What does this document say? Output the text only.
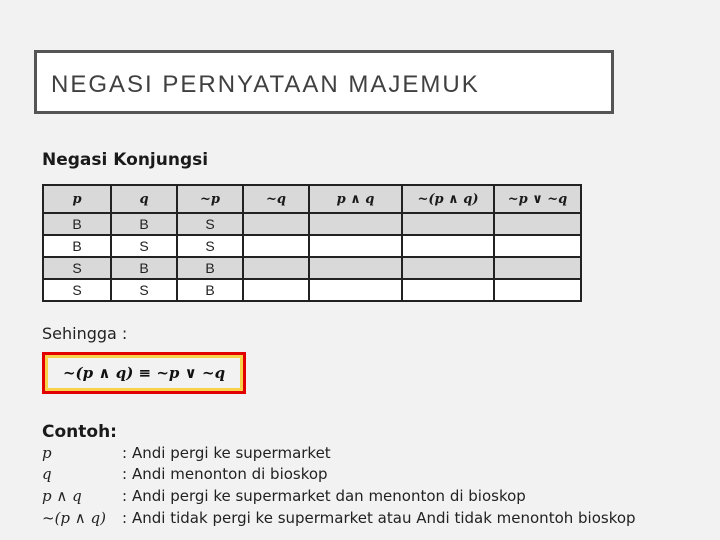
NEGASI PERNYATAAN MAJEMUK
Negasi Konjungsi
p	q	~p	~q	p ∧ q	~(p ∧ q)	~p ∨ ~q
B	B	S				
B	S	S				
S	B	B				
S	S	B				
Sehingga :
~(p ∧ q) ≡ ~p ∨ ~q
Contoh:
p	: Andi pergi ke supermarket
q	: Andi menonton di bioskop
p ∧ q	: Andi pergi ke supermarket dan menonton di bioskop
~(p ∧ q) : Andi tidak pergi ke supermarket atau Andi tidak menontoh bioskop
